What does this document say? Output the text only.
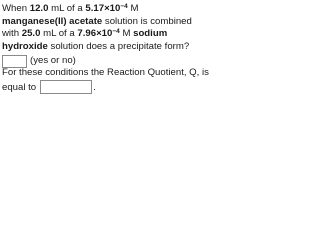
When 12.0 mL of a $5.17\times 10^{-4}$ M
manganese(II) acetate solution is combined
with 25.0 mL of a $7.96\times 10^{-4}$ M sodium
hydroxide solution does a precipitate form?
(yes or no)
For these conditions the Reaction Quotient, Q, is
equal to	.
